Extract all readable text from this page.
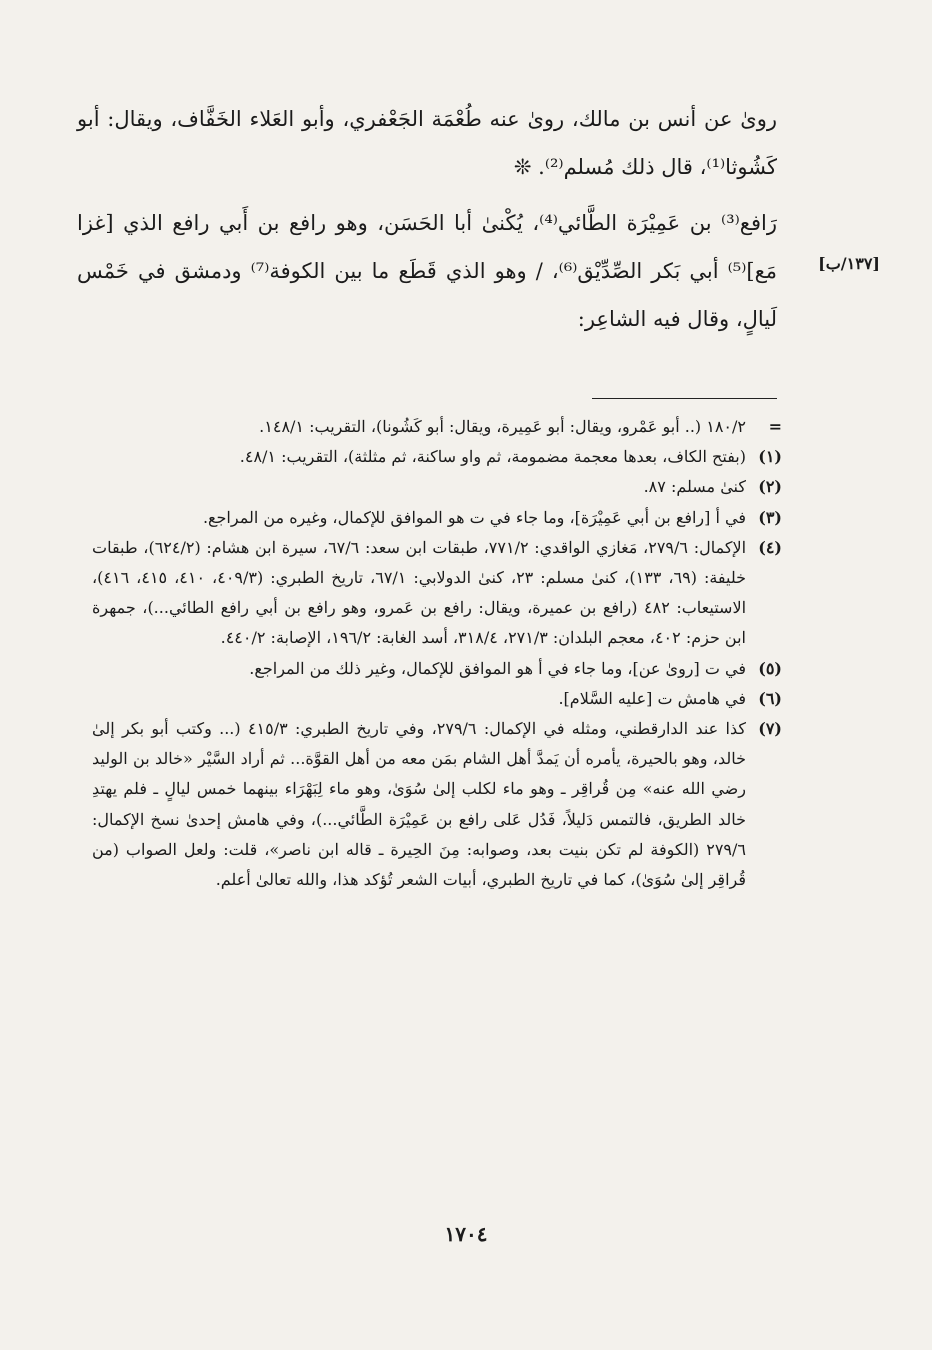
روىٰ عن أنس بن مالك، روىٰ عنه طُعْمَة الجَعْفري، وأبو العَلاء الخَفَّاف، ويقال: أبو كَشُوثا⁽¹⁾، قال ذلك مُسلم⁽²⁾. ❊

رَافع⁽³⁾ بن عَمِيْرَة الطَّائي⁽⁴⁾، يُكْنىٰ أبا الحَسَن، وهو رافع بن أَبي رافع الذي [غزا مَع]⁽⁵⁾ أبي بَكر الصِّدِّيْق⁽⁶⁾، / وهو الذي قَطَع ما بين الكوفة⁽⁷⁾ ودمشق في خَمْس لَيالٍ، وقال فيه الشاعِر:

[١٣٧/ب]
=
١٨٠/٢ (.. أبو عَمْرو، ويقال: أبو عَمِيرة، ويقال: أبو كَشُونا)، التقريب: ١٤٨/١.
(١)
(بفتح الكاف، بعدها معجمة مضمومة، ثم واو ساكنة، ثم مثلثة)، التقريب: ٤٨/١.
(٢)
كنىٰ مسلم: ٨٧.
(٣)
في أ [رافع بن أبي عَمِيْرَة]، وما جاء في ت هو الموافق للإكمال، وغيره من المراجع.
(٤)
الإكمال: ٢٧٩/٦، مَغازي الواقدي: ٧٧١/٢، طبقات ابن سعد: ٦٧/٦، سيرة ابن هشام: (٦٢٤/٢)، طبقات خليفة: (٦٩، ١٣٣)، كنىٰ مسلم: ٢٣، كنىٰ الدولابي: ٦٧/١، تاريخ الطبري: (٤٠٩/٣، ٤١٠، ٤١٥، ٤١٦)، الاستيعاب: ٤٨٢ (رافع بن عميرة، ويقال: رافع بن عَمرو، وهو رافع بن أبي رافع الطائي...)، جمهرة ابن حزم: ٤٠٢، معجم البلدان: ٢٧١/٣، ٣١٨/٤، أسد الغابة: ١٩٦/٢، الإصابة: ٤٤٠/٢.
(٥)
في ت [روىٰ عن]، وما جاء في أ هو الموافق للإكمال، وغير ذلك من المراجع.
(٦)
في هامش ت [عليه السَّلام].
(٧)
كذا عند الدارقطني، ومثله في الإكمال: ٢٧٩/٦، وفي تاريخ الطبري: ٤١٥/٣ (... وكتب أبو بكر إلىٰ خالد، وهو بالحيرة، يأمره أن يَمدَّ أهل الشام بمَن معه من أهل القوَّة... ثم أراد السَّيْر «خالد بن الوليد رضي الله عنه» مِن قُراقِر ـ وهو ماء لكلب إلىٰ سُوَىٰ، وهو ماء لِبَهْرَاء بينهما خمس ليالٍ ـ فلم يهتدِ خالد الطريق، فالتمس دَليلاً، فَدُل عَلى رافع بن عَمِيْرَة الطَّائي...)، وفي هامش إحدىٰ نسخ الإكمال: ٢٧٩/٦ (الكوفة لم تكن بنيت بعد، وصوابه: مِنَ الحِيرة ـ قاله ابن ناصر»، قلت: ولعل الصواب (من قُراقِر إلىٰ سُوَىٰ)، كما في تاريخ الطبري، أبيات الشعر تُؤكد هذا، والله تعالىٰ أعلم.
١٧٠٤
